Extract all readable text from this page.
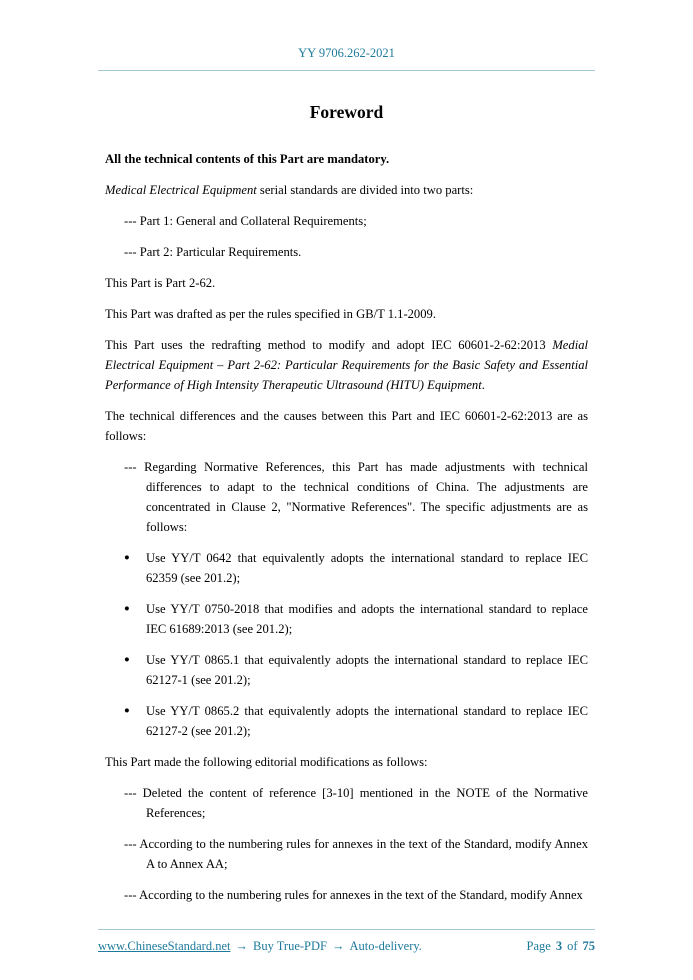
YY 9706.262-2021
Foreword
All the technical contents of this Part are mandatory.
Medical Electrical Equipment serial standards are divided into two parts:
--- Part 1: General and Collateral Requirements;
--- Part 2: Particular Requirements.
This Part is Part 2-62.
This Part was drafted as per the rules specified in GB/T 1.1-2009.
This Part uses the redrafting method to modify and adopt IEC 60601-2-62:2013 Medial Electrical Equipment – Part 2-62: Particular Requirements for the Basic Safety and Essential Performance of High Intensity Therapeutic Ultrasound (HITU) Equipment.
The technical differences and the causes between this Part and IEC 60601-2-62:2013 are as follows:
--- Regarding Normative References, this Part has made adjustments with technical differences to adapt to the technical conditions of China. The adjustments are concentrated in Clause 2, "Normative References". The specific adjustments are as follows:
● Use YY/T 0642 that equivalently adopts the international standard to replace IEC 62359 (see 201.2);
● Use YY/T 0750-2018 that modifies and adopts the international standard to replace IEC 61689:2013 (see 201.2);
● Use YY/T 0865.1 that equivalently adopts the international standard to replace IEC 62127-1 (see 201.2);
● Use YY/T 0865.2 that equivalently adopts the international standard to replace IEC 62127-2 (see 201.2);
This Part made the following editorial modifications as follows:
--- Deleted the content of reference [3-10] mentioned in the NOTE of the Normative References;
--- According to the numbering rules for annexes in the text of the Standard, modify Annex A to Annex AA;
--- According to the numbering rules for annexes in the text of the Standard, modify Annex
www.ChineseStandard.net → Buy True-PDF → Auto-delivery.	Page 3 of 75
